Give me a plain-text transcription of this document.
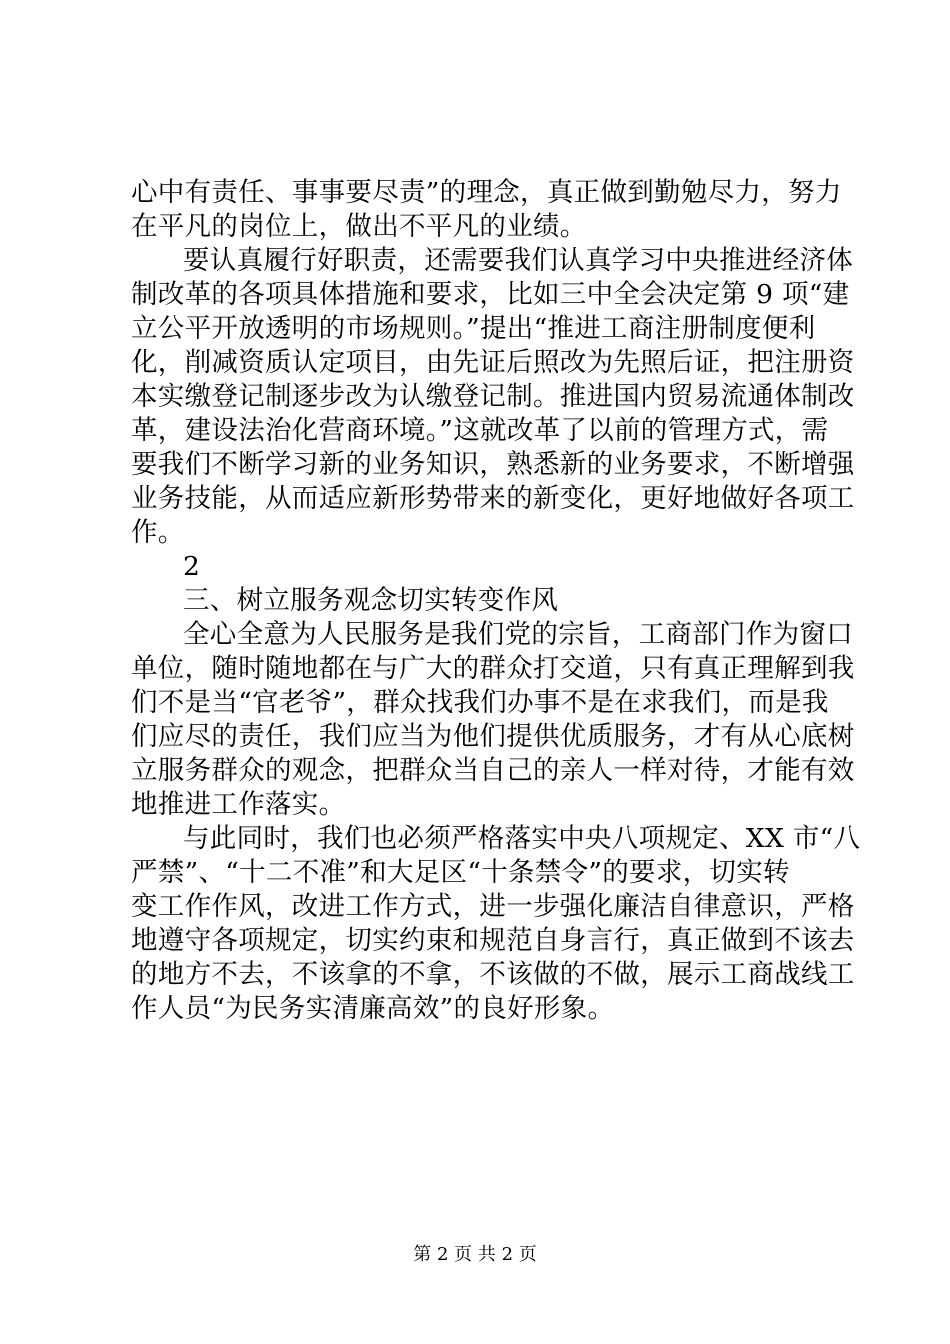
心中有责任、事事要尽责”的理念，真正做到勤勉尽力，努力
在平凡的岗位上，做出不平凡的业绩。
要认真履行好职责，还需要我们认真学习中央推进经济体
制改革的各项具体措施和要求，比如三中全会决定第 9 项“建
立公平开放透明的市场规则。”提出“推进工商注册制度便利
化，削减资质认定项目，由先证后照改为先照后证，把注册资
本实缴登记制逐步改为认缴登记制。推进国内贸易流通体制改
革，建设法治化营商环境。”这就改革了以前的管理方式，需
要我们不断学习新的业务知识，熟悉新的业务要求，不断增强
业务技能，从而适应新形势带来的新变化，更好地做好各项工
作。
2
三、树立服务观念切实转变作风
全心全意为人民服务是我们党的宗旨，工商部门作为窗口
单位，随时随地都在与广大的群众打交道，只有真正理解到我
们不是当“官老爷”，群众找我们办事不是在求我们，而是我
们应尽的责任，我们应当为他们提供优质服务，才有从心底树
立服务群众的观念，把群众当自己的亲人一样对待，才能有效
地推进工作落实。
与此同时，我们也必须严格落实中央八项规定、XX 市“八
严禁”、“十二不准”和大足区“十条禁令”的要求，切实转
变工作作风，改进工作方式，进一步强化廉洁自律意识，严格
地遵守各项规定，切实约束和规范自身言行，真正做到不该去
的地方不去，不该拿的不拿，不该做的不做，展示工商战线工
作人员“为民务实清廉高效”的良好形象。
第 2 页 共 2 页
